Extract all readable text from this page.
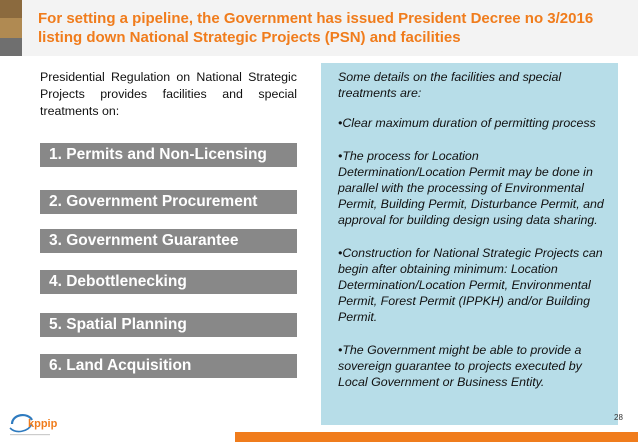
For setting a pipeline, the Government has issued President Decree no 3/2016 listing down National Strategic Projects (PSN) and facilities
Presidential Regulation on National Strategic Projects provides facilities and special treatments on:
1. Permits and Non-Licensing
2. Government Procurement
3. Government Guarantee
4. Debottlenecking
5. Spatial Planning
6. Land Acquisition

Some details on the facilities and special treatments are:

•Clear maximum duration of permitting process

•The process for Location Determination/Location Permit may be done in parallel with the processing of Environmental Permit, Building Permit, Disturbance Permit, and approval for building design using data sharing.

•Construction for National Strategic Projects can begin after obtaining minimum: Location Determination/Location Permit, Environmental Permit, Forest Permit (IPPKH) and/or Building Permit.

•The Government might be able to provide a sovereign guarantee to projects executed by Local Government or Business Entity.

kppip
28
